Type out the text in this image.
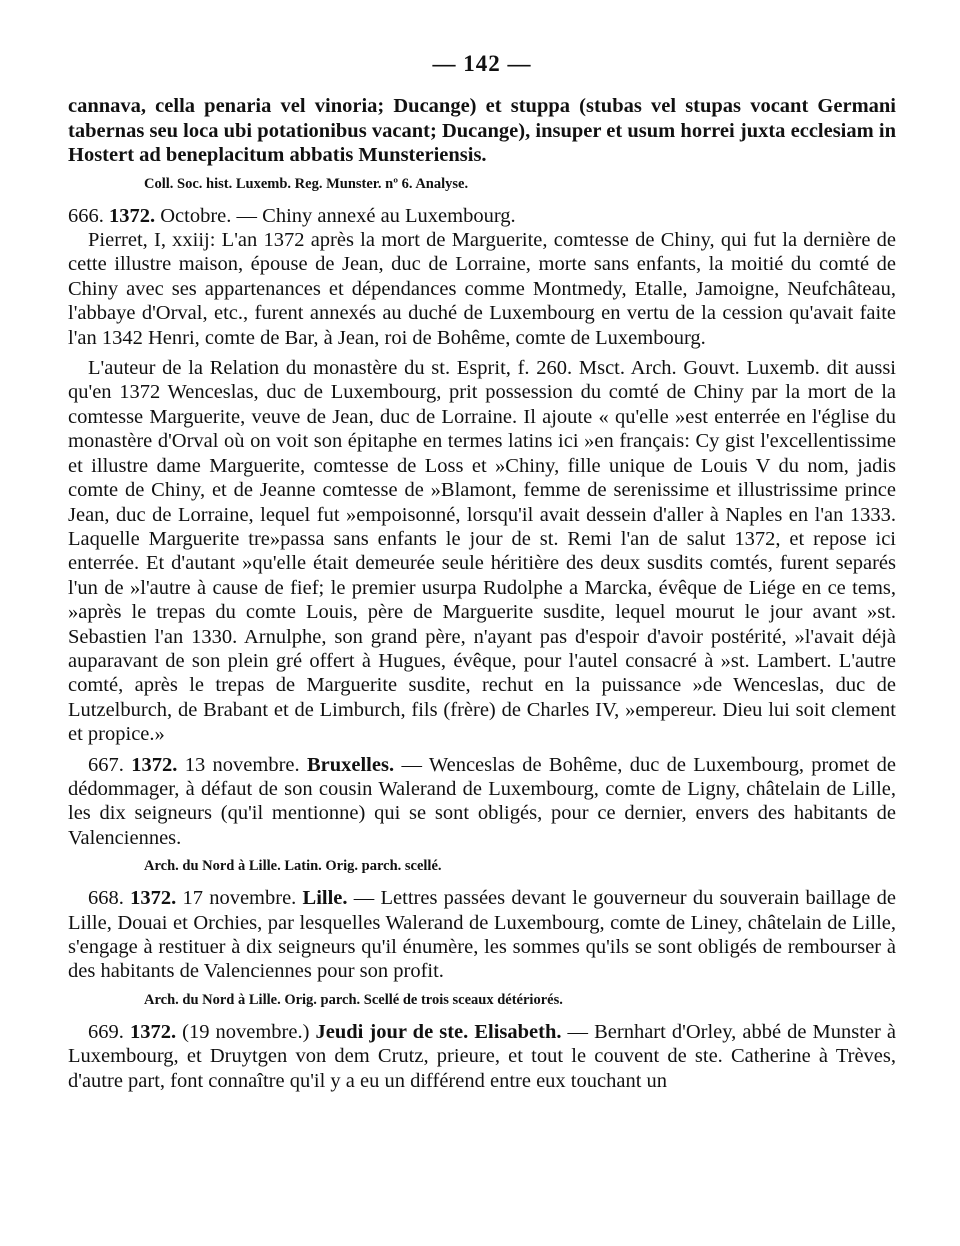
— 142 —

cannava, cella penaria vel vinoria; Ducange) et stuppa (stubas vel stupas vocant Germani tabernas seu loca ubi potationibus vacant; Ducange), insuper et usum horrei juxta ecclesiam in Hostert ad beneplacitum abbatis Munsteriensis.

Coll. Soc. hist. Luxemb. Reg. Munster. nº 6. Analyse.

666. 1372. Octobre. — Chiny annexé au Luxembourg.

Pierret, I, xxiij: L'an 1372 après la mort de Marguerite, comtesse de Chiny, qui fut la dernière de cette illustre maison, épouse de Jean, duc de Lorraine, morte sans enfants, la moitié du comté de Chiny avec ses appartenances et dépendances comme Montmedy, Etalle, Jamoigne, Neufchâteau, l'abbaye d'Orval, etc., furent annexés au duché de Luxembourg en vertu de la cession qu'avait faite l'an 1342 Henri, comte de Bar, à Jean, roi de Bohême, comte de Luxembourg.

L'auteur de la Relation du monastère du st. Esprit, f. 260. Msct. Arch. Gouvt. Luxemb. dit aussi qu'en 1372 Wenceslas, duc de Luxembourg, prit possession du comté de Chiny par la mort de la comtesse Marguerite, veuve de Jean, duc de Lorraine. Il ajoute « qu'elle »est enterrée en l'église du monastère d'Orval où on voit son épitaphe en termes latins ici »en français: Cy gist l'excellentissime et illustre dame Marguerite, comtesse de Loss et »Chiny, fille unique de Louis V du nom, jadis comte de Chiny, et de Jeanne comtesse de »Blamont, femme de serenissime et illustrissime prince Jean, duc de Lorraine, lequel fut »empoisonné, lorsqu'il avait dessein d'aller à Naples en l'an 1333. Laquelle Marguerite tre»passa sans enfants le jour de st. Remi l'an de salut 1372, et repose ici enterrée. Et d'autant »qu'elle était demeurée seule héritière des deux susdits comtés, furent separés l'un de »l'autre à cause de fief; le premier usurpa Rudolphe a Marcka, évêque de Liége en ce tems, »après le trepas du comte Louis, père de Marguerite susdite, lequel mourut le jour avant »st. Sebastien l'an 1330. Arnulphe, son grand père, n'ayant pas d'espoir d'avoir postérité, »l'avait déjà auparavant de son plein gré offert à Hugues, évêque, pour l'autel consacré à »st. Lambert. L'autre comté, après le trepas de Marguerite susdite, rechut en la puissance »de Wenceslas, duc de Lutzelburch, de Brabant et de Limburch, fils (frère) de Charles IV, »empereur. Dieu lui soit clement et propice.»

667. 1372. 13 novembre. Bruxelles. — Wenceslas de Bohême, duc de Luxembourg, promet de dédommager, à défaut de son cousin Walerand de Luxembourg, comte de Ligny, châtelain de Lille, les dix seigneurs (qu'il mentionne) qui se sont obligés, pour ce dernier, envers des habitants de Valenciennes.

Arch. du Nord à Lille. Latin. Orig. parch. scellé.

668. 1372. 17 novembre. Lille. — Lettres passées devant le gouverneur du souverain baillage de Lille, Douai et Orchies, par lesquelles Walerand de Luxembourg, comte de Liney, châtelain de Lille, s'engage à restituer à dix seigneurs qu'il énumère, les sommes qu'ils se sont obligés de rembourser à des habitants de Valenciennes pour son profit.

Arch. du Nord à Lille. Orig. parch. Scellé de trois sceaux détériorés.

669. 1372. (19 novembre.) Jeudi jour de ste. Elisabeth. — Bernhart d'Orley, abbé de Munster à Luxembourg, et Druytgen von dem Crutz, prieure, et tout le couvent de ste. Catherine à Trèves, d'autre part, font connaître qu'il y a eu un différend entre eux touchant un
